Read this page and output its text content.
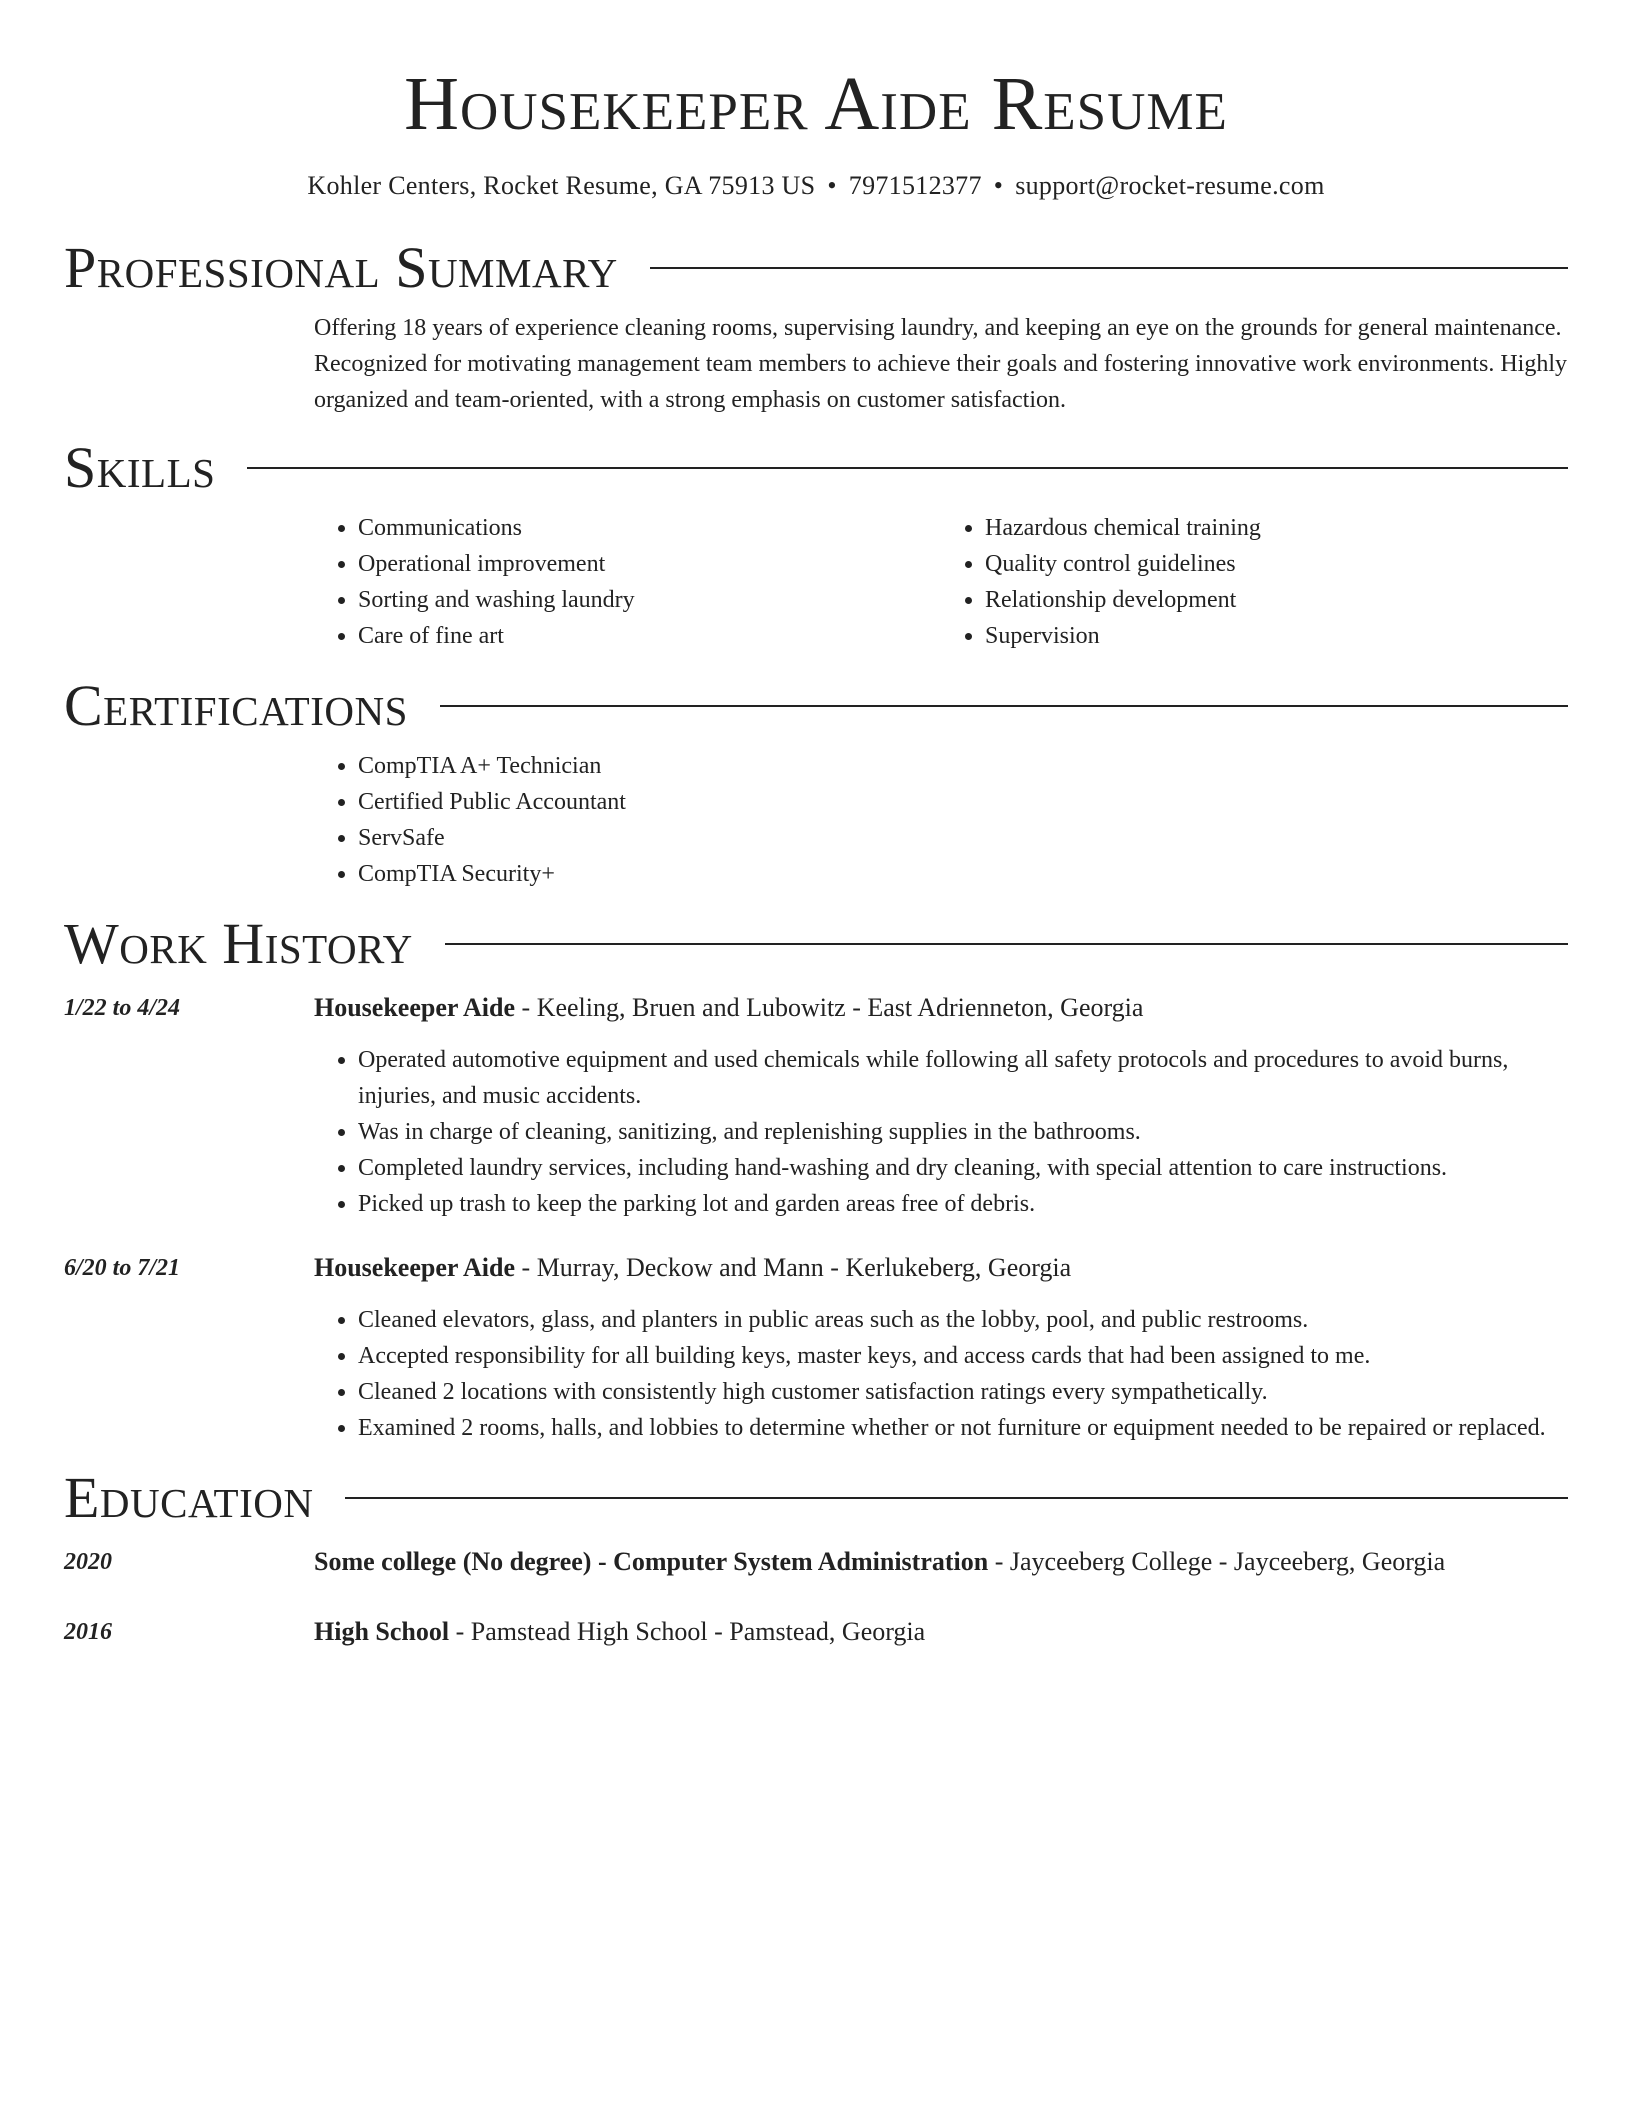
Housekeeper Aide Resume
Kohler Centers, Rocket Resume, GA 75913 US • 7971512377 • support@rocket-resume.com
Professional Summary

Offering 18 years of experience cleaning rooms, supervising laundry, and keeping an eye on the grounds for general maintenance. Recognized for motivating management team members to achieve their goals and fostering innovative work environments. Highly organized and team-oriented, with a strong emphasis on customer satisfaction.

Skills
• Communications
• Operational improvement
• Sorting and washing laundry
• Care of fine art
• Hazardous chemical training
• Quality control guidelines
• Relationship development
• Supervision
Certifications
• CompTIA A+ Technician
• Certified Public Accountant
• ServSafe
• CompTIA Security+
Work History
1/22 to 4/24	Housekeeper Aide - Keeling, Bruen and Lubowitz - East Adrienneton, Georgia
• Operated automotive equipment and used chemicals while following all safety protocols and procedures to avoid burns, injuries, and music accidents.
• Was in charge of cleaning, sanitizing, and replenishing supplies in the bathrooms.
• Completed laundry services, including hand-washing and dry cleaning, with special attention to care instructions.
• Picked up trash to keep the parking lot and garden areas free of debris.
6/20 to 7/21	Housekeeper Aide - Murray, Deckow and Mann - Kerlukeberg, Georgia
• Cleaned elevators, glass, and planters in public areas such as the lobby, pool, and public restrooms.
• Accepted responsibility for all building keys, master keys, and access cards that had been assigned to me.
• Cleaned 2 locations with consistently high customer satisfaction ratings every sympathetically.
• Examined 2 rooms, halls, and lobbies to determine whether or not furniture or equipment needed to be repaired or replaced.
Education
2020	Some college (No degree) - Computer System Administration - Jayceeberg College - Jayceeberg, Georgia
2016	High School - Pamstead High School - Pamstead, Georgia
